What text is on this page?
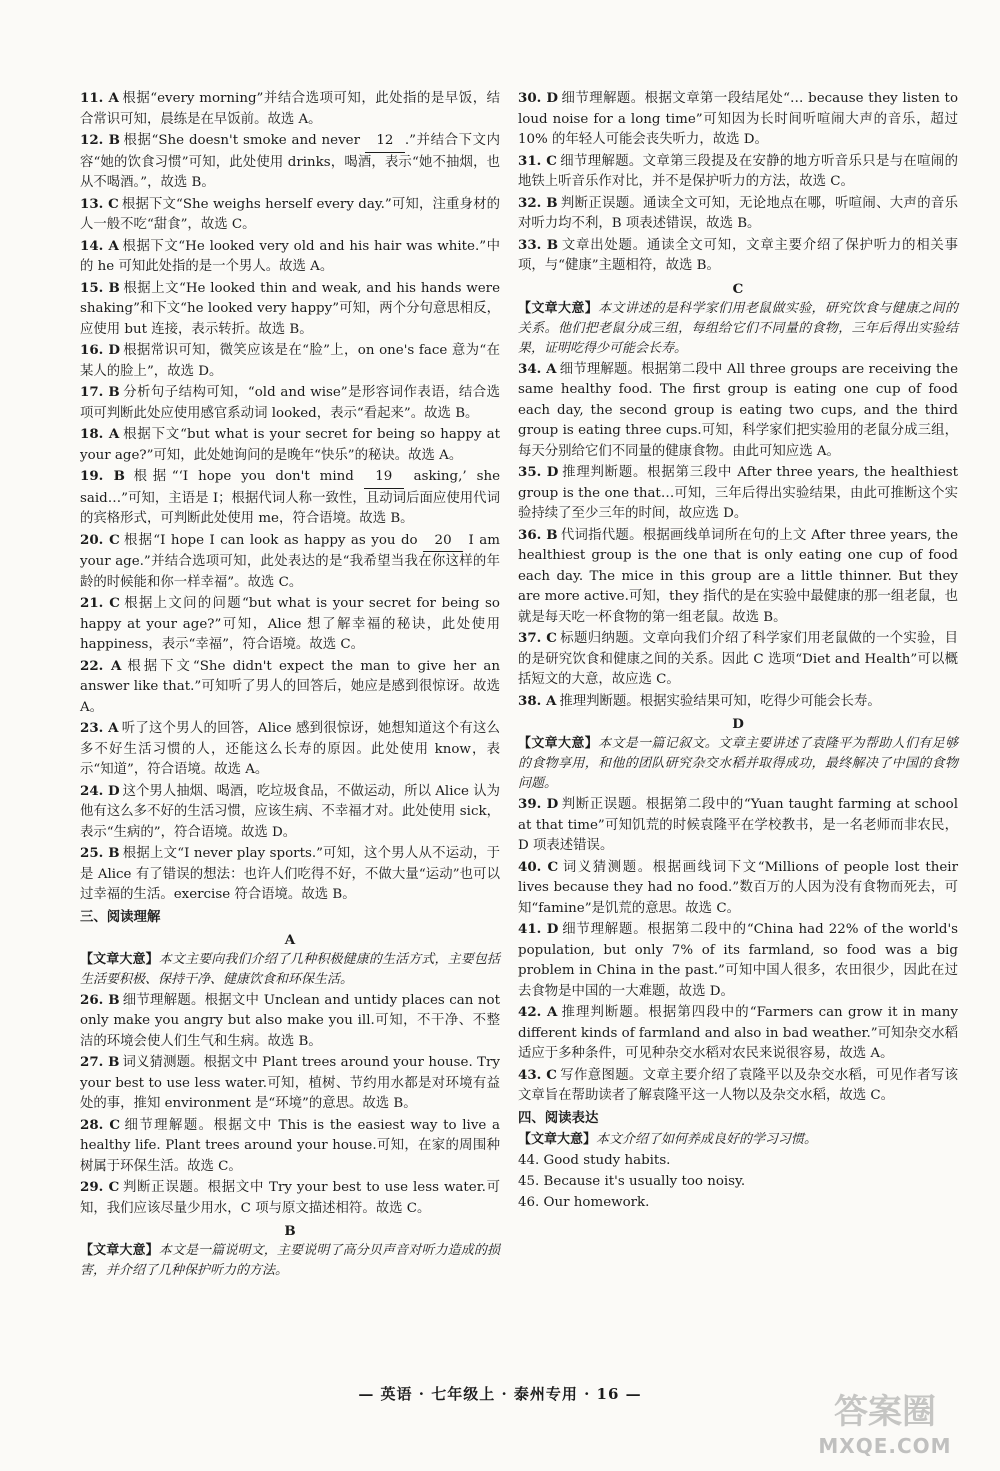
11. A 根据“every morning”并结合选项可知，此处指的是早饭，结合常识可知，晨练是在早饭前。故选 A。

12. B 根据“She doesn't smoke and never 12 .”并结合下文内容“她的饮食习惯”可知，此处使用 drinks，喝酒，表示“她不抽烟，也从不喝酒。”，故选 B。

13. C 根据下文“She weighs herself every day.”可知，注重身材的人一般不吃“甜食”，故选 C。

14. A 根据下文“He looked very old and his hair was white.”中的 he 可知此处指的是一个男人。故选 A。

15. B 根据上文“He looked thin and weak, and his hands were shaking”和下文“he looked very happy”可知，两个分句意思相反，应使用 but 连接，表示转折。故选 B。

16. D 根据常识可知，微笑应该是在“脸”上，on one's face 意为“在某人的脸上”，故选 D。

17. B 分析句子结构可知，“old and wise”是形容词作表语，结合选项可判断此处应使用感官系动词 looked，表示“看起来”。故选 B。

18. A 根据下文“but what is your secret for being so happy at your age?”可知，此处她询问的是晚年“快乐”的秘诀。故选 A。

19. B 根据“‘I hope you don't mind 19 asking,’ she said…”可知，主语是 I；根据代词人称一致性，且动词后面应使用代词的宾格形式，可判断此处使用 me，符合语境。故选 B。

20. C 根据“I hope I can look as happy as you do 20 I am your age.”并结合选项可知，此处表达的是“我希望当我在你这样的年龄的时候能和你一样幸福”。故选 C。

21. C 根据上文问的问题“but what is your secret for being so happy at your age?”可知，Alice 想了解幸福的秘诀，此处使用 happiness，表示“幸福”，符合语境。故选 C。

22. A 根据下文“She didn't expect the man to give her an answer like that.”可知听了男人的回答后，她应是感到很惊讶。故选 A。

23. A 听了这个男人的回答，Alice 感到很惊讶，她想知道这个有这么多不好生活习惯的人，还能这么长寿的原因。此处使用 know，表示“知道”，符合语境。故选 A。

24. D 这个男人抽烟、喝酒，吃垃圾食品，不做运动，所以 Alice 认为他有这么多不好的生活习惯，应该生病、不幸福才对。此处使用 sick，表示“生病的”，符合语境。故选 D。

25. B 根据上文“I never play sports.”可知，这个男人从不运动，于是 Alice 有了错误的想法：也许人们吃得不好，不做大量“运动”也可以过幸福的生活。exercise 符合语境。故选 B。

三、阅读理解

A

【文章大意】本文主要向我们介绍了几种积极健康的生活方式，主要包括生活要积极、保持干净、健康饮食和环保生活。

26. B 细节理解题。根据文中 Unclean and untidy places can not only make you angry but also make you ill.可知，不干净、不整洁的环境会使人们生气和生病。故选 B。

27. B 词义猜测题。根据文中 Plant trees around your house. Try your best to use less water.可知，植树、节约用水都是对环境有益处的事，推知 environment 是“环境”的意思。故选 B。

28. C 细节理解题。根据文中 This is the easiest way to live a healthy life. Plant trees around your house.可知，在家的周围种树属于环保生活。故选 C。

29. C 判断正误题。根据文中 Try your best to use less water.可知，我们应该尽量少用水，C 项与原文描述相符。故选 C。

B

【文章大意】本文是一篇说明文，主要说明了高分贝声音对听力造成的损害，并介绍了几种保护听力的方法。

30. D 细节理解题。根据文章第一段结尾处“… because they listen to loud noise for a long time”可知因为长时间听喧闹大声的音乐，超过 10% 的年轻人可能会丧失听力，故选 D。

31. C 细节理解题。文章第三段提及在安静的地方听音乐只是与在喧闹的地铁上听音乐作对比，并不是保护听力的方法，故选 C。

32. B 判断正误题。通读全文可知，无论地点在哪，听喧闹、大声的音乐对听力均不利，B 项表述错误，故选 B。

33. B 文章出处题。通读全文可知，文章主要介绍了保护听力的相关事项，与“健康”主题相符，故选 B。

C

【文章大意】本文讲述的是科学家们用老鼠做实验，研究饮食与健康之间的关系。他们把老鼠分成三组，每组给它们不同量的食物，三年后得出实验结果，证明吃得少可能会长寿。

34. A 细节理解题。根据第二段中 All three groups are receiving the same healthy food. The first group is eating one cup of food each day, the second group is eating two cups, and the third group is eating three cups.可知，科学家们把实验用的老鼠分成三组，每天分别给它们不同量的健康食物。由此可知应选 A。

35. D 推理判断题。根据第三段中 After three years, the healthiest group is the one that…可知，三年后得出实验结果，由此可推断这个实验持续了至少三年的时间，故应选 D。

36. B 代词指代题。根据画线单词所在句的上文 After three years, the healthiest group is the one that is only eating one cup of food each day. The mice in this group are a little thinner. But they are more active.可知，they 指代的是在实验中最健康的那一组老鼠，也就是每天吃一杯食物的第一组老鼠。故选 B。

37. C 标题归纳题。文章向我们介绍了科学家们用老鼠做的一个实验，目的是研究饮食和健康之间的关系。因此 C 选项“Diet and Health”可以概括短文的大意，故应选 C。

38. A 推理判断题。根据实验结果可知，吃得少可能会长寿。

D

【文章大意】本文是一篇记叙文。文章主要讲述了袁隆平为帮助人们有足够的食物享用，和他的团队研究杂交水稻并取得成功，最终解决了中国的食物问题。

39. D 判断正误题。根据第二段中的“Yuan taught farming at school at that time”可知饥荒的时候袁隆平在学校教书，是一名老师而非农民，D 项表述错误。

40. C 词义猜测题。根据画线词下文“Millions of people lost their lives because they had no food.”数百万的人因为没有食物而死去，可知“famine”是饥荒的意思。故选 C。

41. D 细节理解题。根据第二段中的“China had 22% of the world's population, but only 7% of its farmland, so food was a big problem in China in the past.”可知中国人很多，农田很少，因此在过去食物是中国的一大难题，故选 D。

42. A 推理判断题。根据第四段中的“Farmers can grow it in many different kinds of farmland and also in bad weather.”可知杂交水稻适应于多种条件，可见种杂交水稻对农民来说很容易，故选 A。

43. C 写作意图题。文章主要介绍了袁隆平以及杂交水稻，可见作者写该文章旨在帮助读者了解袁隆平这一人物以及杂交水稻，故选 C。

四、阅读表达

【文章大意】本文介绍了如何养成良好的学习习惯。

44. Good study habits.

45. Because it's usually too noisy.

46. Our homework.

— 英语 · 七年级上 · 泰州专用 · 16 —	答案圈
MXQE.COM
